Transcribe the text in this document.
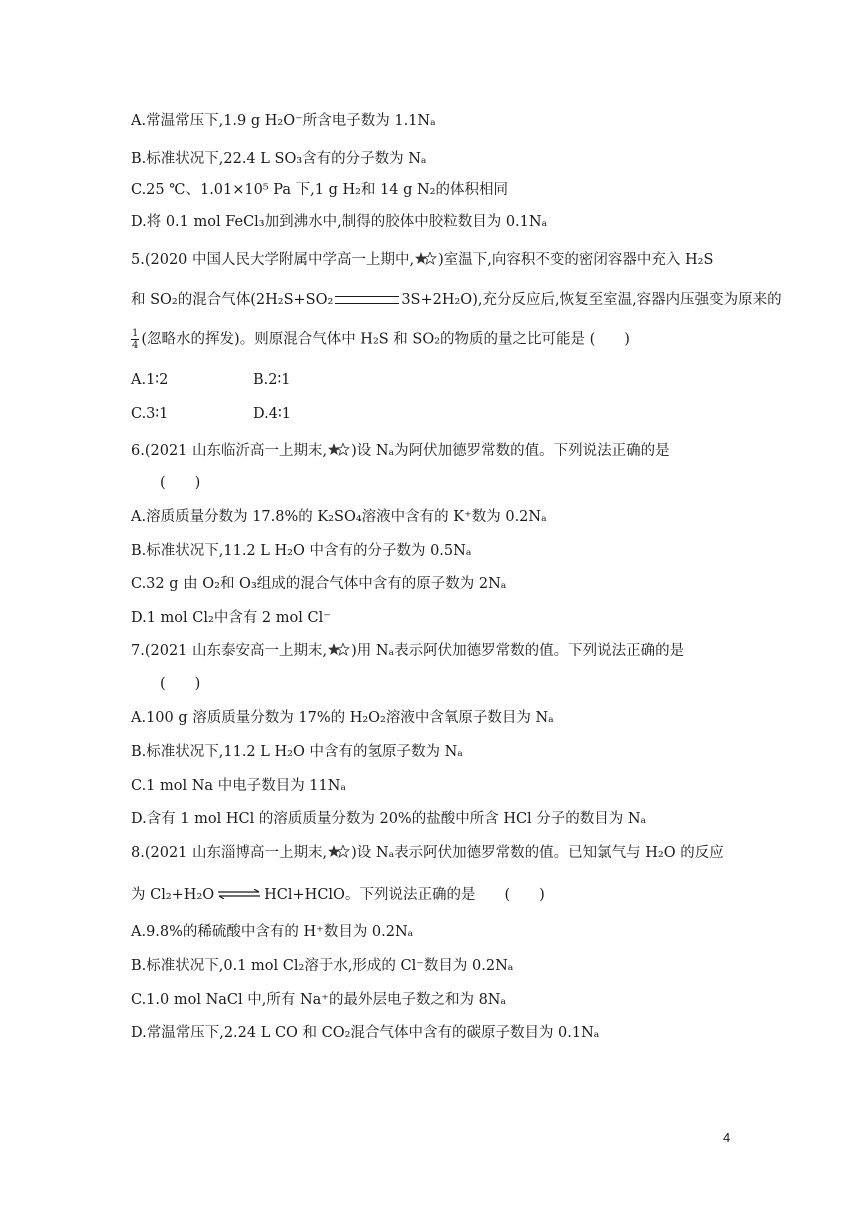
A.常温常压下,1.9 g H₂O⁻所含电子数为 1.1Nₐ
B.标准状况下,22.4 L SO₃含有的分子数为 Nₐ
C.25 ℃、1.01×10⁵ Pa 下,1 g H₂和 14 g N₂的体积相同
D.将 0.1 mol FeCl₃加到沸水中,制得的胶体中胶粒数目为 0.1Nₐ
5.(2020 中国人民大学附属中学高一上期中, )室温下,向容积不变的密闭容器中充入 H₂S
和 SO₂的混合气体(2H₂S+SO₂	3S+2H₂O),充分反应后,恢复至室温,容器内压强变为原来的
$\frac{1}{4}$ (忽略水的挥发)。则原混合气体中 H₂S 和 SO₂的物质的量之比可能是 (　　)
A.1∶2	B.2∶1
C.3∶1	D.4∶1
6.(2021 山东临沂高一上期末, )设 Nₐ为阿伏加德罗常数的值。下列说法正确的是
(　　)
A.溶质质量分数为 17.8%的 K₂SO₄溶液中含有的 K⁺数为 0.2Nₐ
B.标准状况下,11.2 L H₂O 中含有的分子数为 0.5Nₐ
C.32 g 由 O₂和 O₃组成的混合气体中含有的原子数为 2Nₐ
D.1 mol Cl₂中含有 2 mol Cl⁻
7.(2021 山东泰安高一上期末, )用 Nₐ表示阿伏加德罗常数的值。下列说法正确的是
(　　)
A.100 g 溶质质量分数为 17%的 H₂O₂溶液中含氧原子数目为 Nₐ
B.标准状况下,11.2 L H₂O 中含有的氢原子数为 Nₐ
C.1 mol Na 中电子数目为 11Nₐ
D.含有 1 mol HCl 的溶质质量分数为 20%的盐酸中所含 HCl 分子的数目为 Nₐ
8.(2021 山东淄博高一上期末, )设 Nₐ表示阿伏加德罗常数的值。已知氯气与 H₂O 的反应
为 Cl₂+H₂O ⇌ HCl+HClO。下列说法正确的是　　(　　)
A.9.8%的稀硫酸中含有的 H⁺数目为 0.2Nₐ
B.标准状况下,0.1 mol Cl₂溶于水,形成的 Cl⁻数目为 0.2Nₐ
C.1.0 mol NaCl 中,所有 Na⁺的最外层电子数之和为 8Nₐ
D.常温常压下,2.24 L CO 和 CO₂混合气体中含有的碳原子数目为 0.1Nₐ
4
